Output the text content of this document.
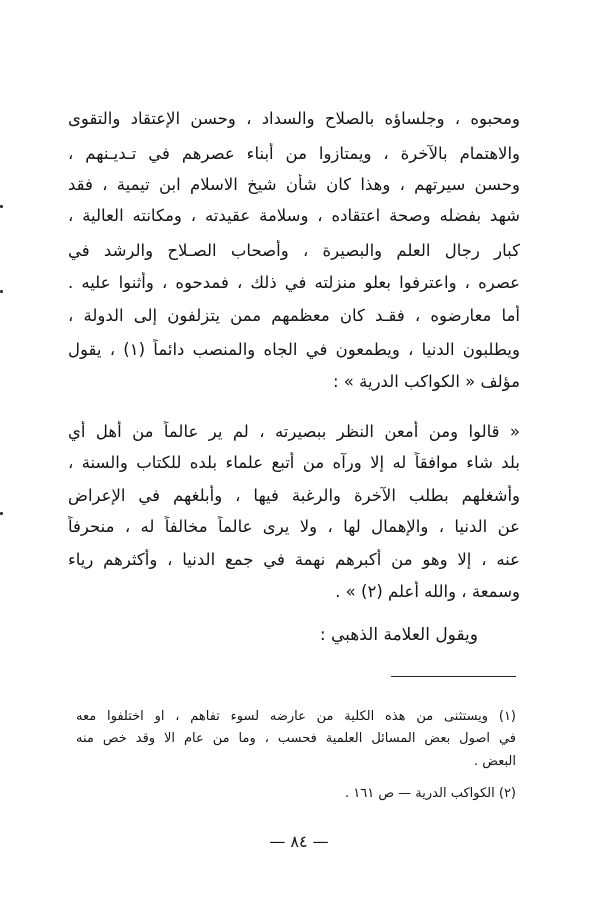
ومحبوه ، وجلساؤه بالصلاح والسداد ، وحسن الإعتقاد والتقوى
والاهتمام بالآخرة ، ويمتازوا من أبناء عصرهم في تـديـنهم ،
وحسن سيرتهم ، وهذا كان شأن شيخ الاسلام ابن تيمية ، فقد
شهد بفضله وصحة اعتقاده ، وسلامة عقيدته ، ومكانته العالية ،
كبار رجال العلم والبصيرة ، وأصحاب الصـلاح والرشد في
عصره ، واعترفوا بعلو منزلته في ذلك ، فمدحوه ، وأثنوا عليه .
أما معارضوه ، فقـد كان معظمهم ممن يتزلفون إلى الدولة ،
ويطلبون الدنيا ، ويطمعون في الجاه والمنصب دائماً (١) ، يقول
مؤلف « الكواكب الدرية » :
« قالوا ومن أمعن النظر ببصيرته ، لم ير عالماً من أهل أي
بلد شاء موافقاً له إلا ورآه من أتبع علماء بلده للكتاب والسنة ،
وأشغلهم بطلب الآخرة والرغبة فيها ، وأبلغهم في الإعراض
عن الدنيا ، والإهمال لها ، ولا يرى عالماً مخالفاً له ، منحرفاً
عنه ، إلا وهو من أكبرهم نهمة في جمع الدنيا ، وأكثرهم رياء
وسمعة ، والله أعلم (٢) » .
ويقول العلامة الذهبي :
(١) ويستثنى من هذه الكلية من عارضه لسوء تفاهم ، او اختلفوا معه
في اصول بعض المسائل العلمية فحسب ، وما من عام الا وقد خص منه
البعض .
(٢) الكواكب الدرية — ص ١٦١ .
— ٨٤ —
